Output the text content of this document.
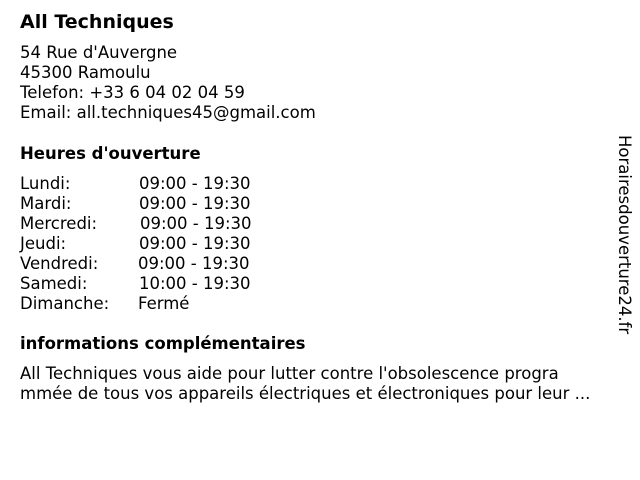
All Techniques
54 Rue d'Auvergne
45300 Ramoulu
Telefon: +33 6 04 02 04 59
Email: all.techniques45@gmail.com
Heures d'ouverture
Lundi:	09:00 - 19:30
Mardi:	09:00 - 19:30
Mercredi:	09:00 - 19:30
Jeudi:	09:00 - 19:30
Vendredi: 09:00 - 19:30
Samedi:	10:00 - 19:30
Dimanche: Fermé
informations complémentaires

All Techniques vous aide pour lutter contre l'obsolescence progra
mmée de tous vos appareils électriques et électroniques pour leur ...

Horairesdouverture24.fr
